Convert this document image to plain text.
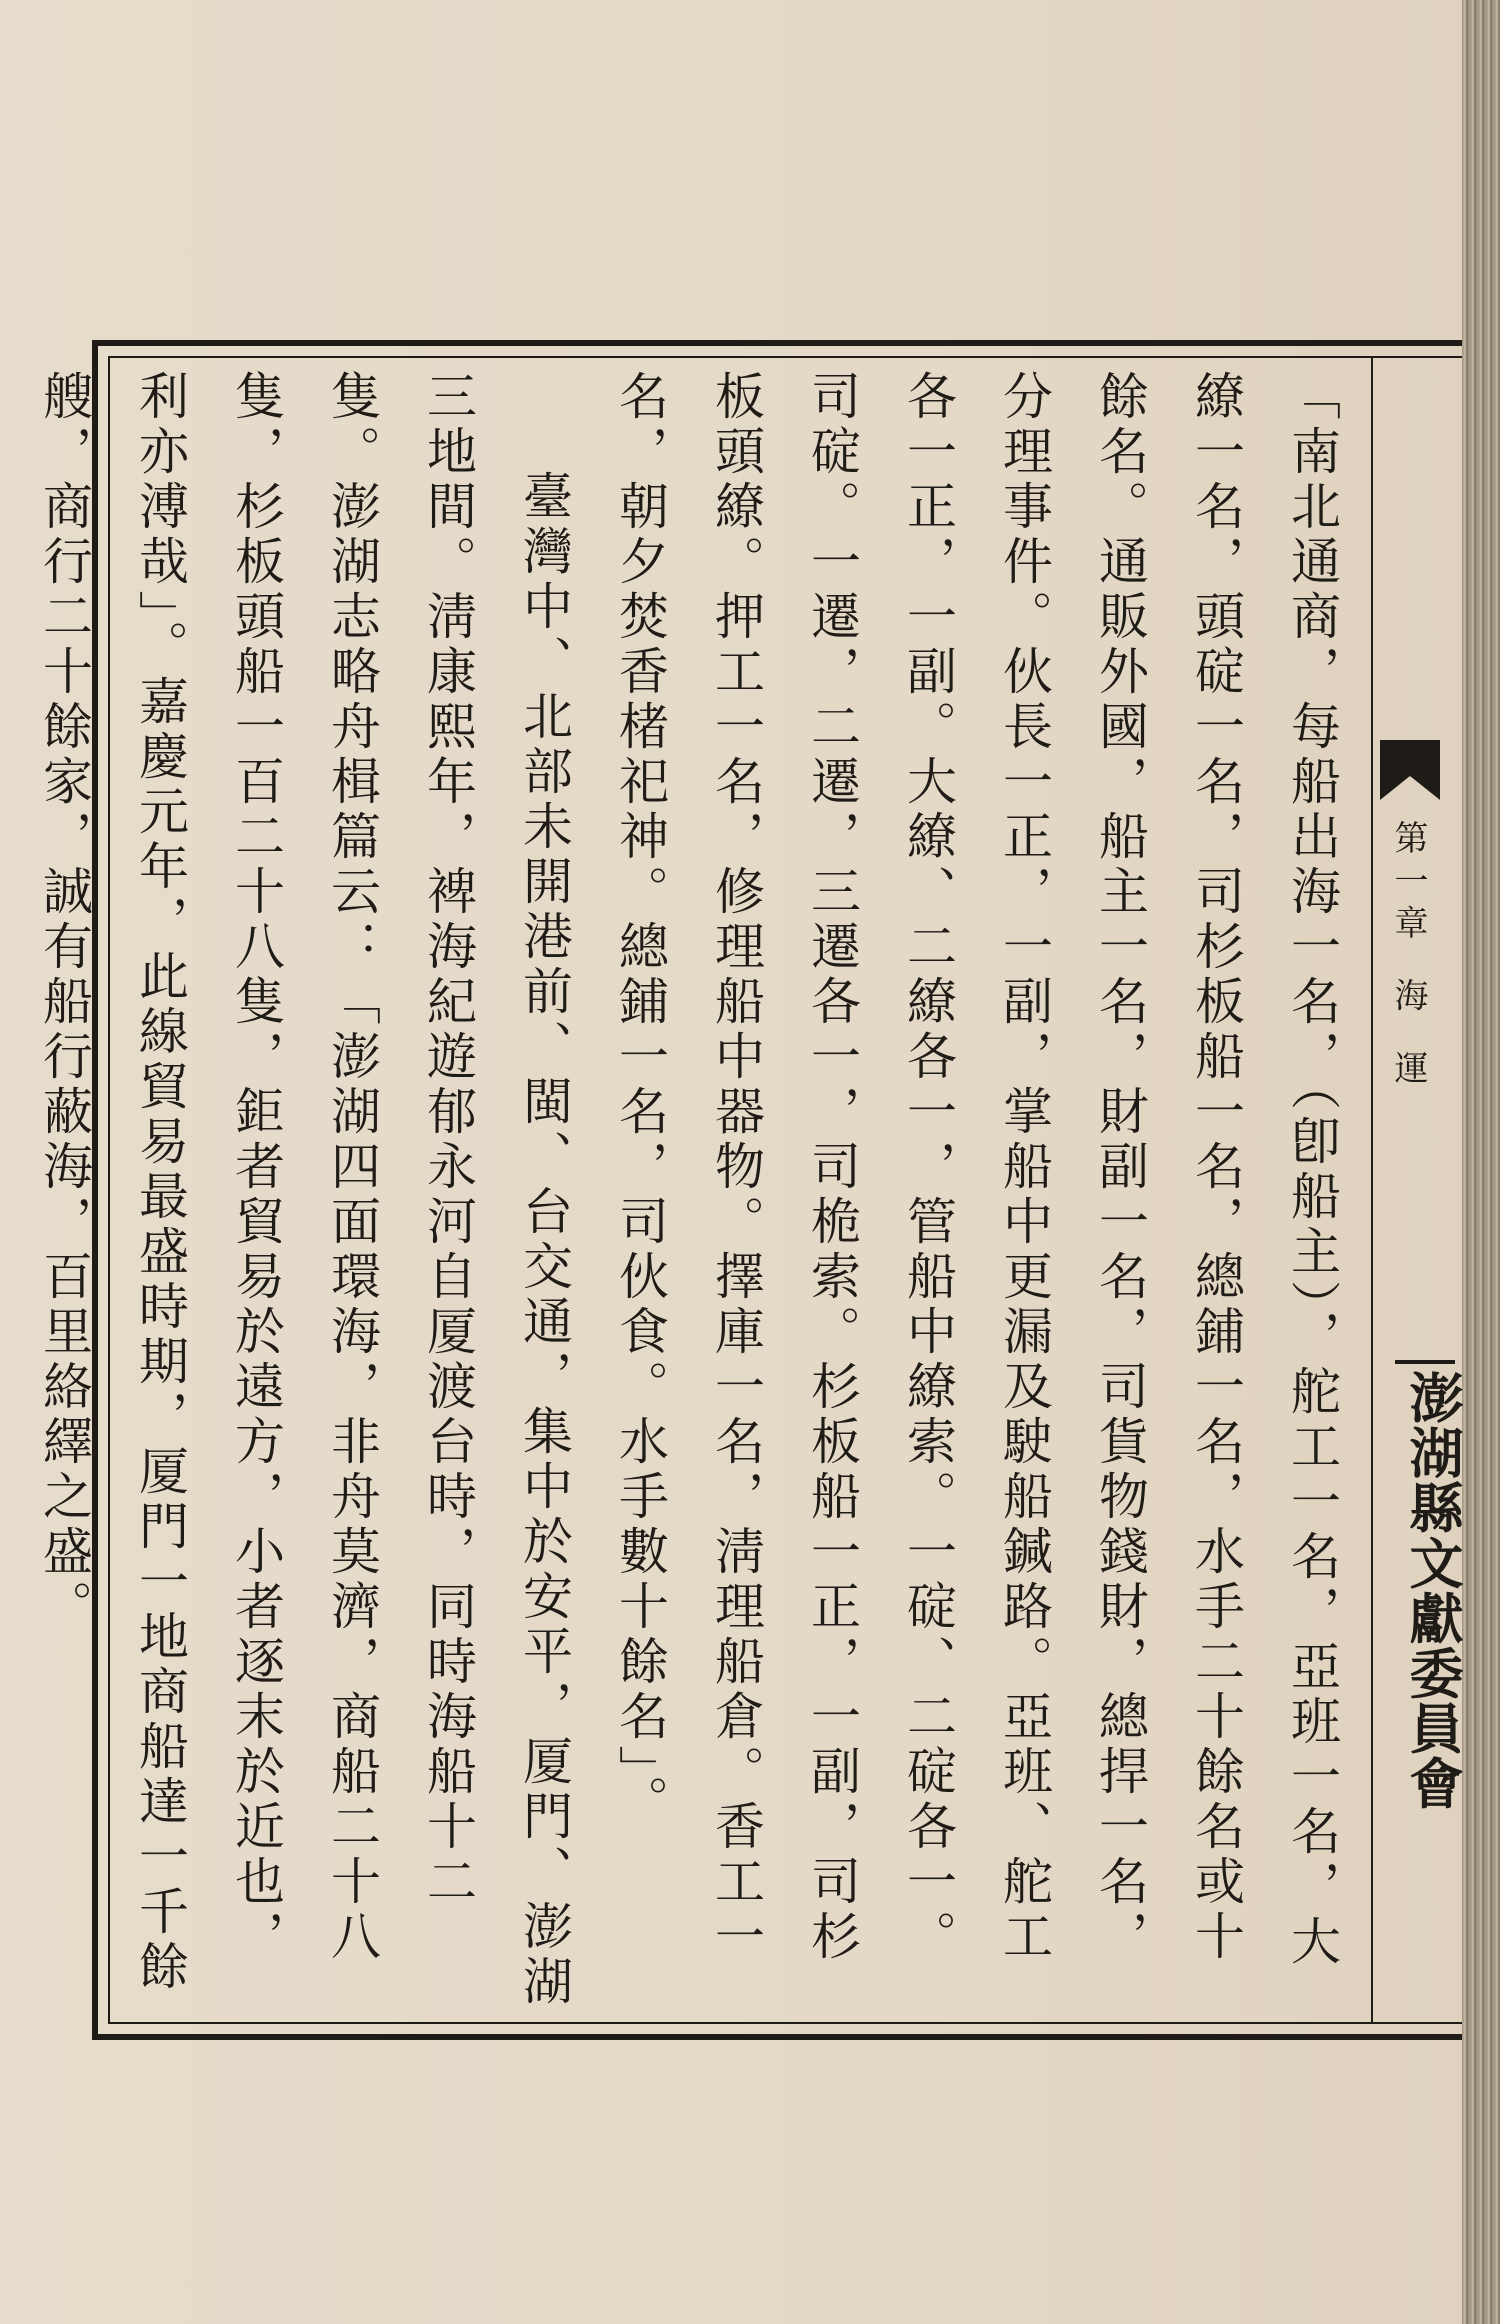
「南北通商，每船出海一名，（卽船主），舵工一名，亞班一名，大繚一名，頭碇一名，司杉板船一名，總鋪一名，水手二十餘名或十餘名。通販外國，船主一名，財副一名，司貨物錢財，總捍一名，分理事件。伙長一正，一副，掌船中更漏及駛船鍼路。亞班、舵工各一正，一副。大繚、二繚各一，管船中繚索。一碇、二碇各一。司碇。一遷，二遷，三遷各一，司桅索。杉板船一正，一副，司杉板頭繚。押工一名，修理船中器物。擇庫一名，淸理船倉。香工一名，朝夕焚香楮祀神。總鋪一名，司伙食。水手數十餘名」。

臺灣中、北部未開港前、閩、台交通，集中於安平，厦門、澎湖三地間。淸康熙年，裨海紀遊郁永河自厦渡台時，同時海船十二隻。澎湖志略舟楫篇云：「澎湖四面環海，非舟莫濟，商船二十八隻，杉板頭船一百二十八隻，鉅者貿易於遠方，小者逐末於近也，利亦溥哉」。嘉慶元年，此線貿易最盛時期，厦門一地商船達一千餘艘，商行二十餘家，誠有船行蔽海，百里絡繹之盛。	第一章海運
澎湖縣文獻委員會
